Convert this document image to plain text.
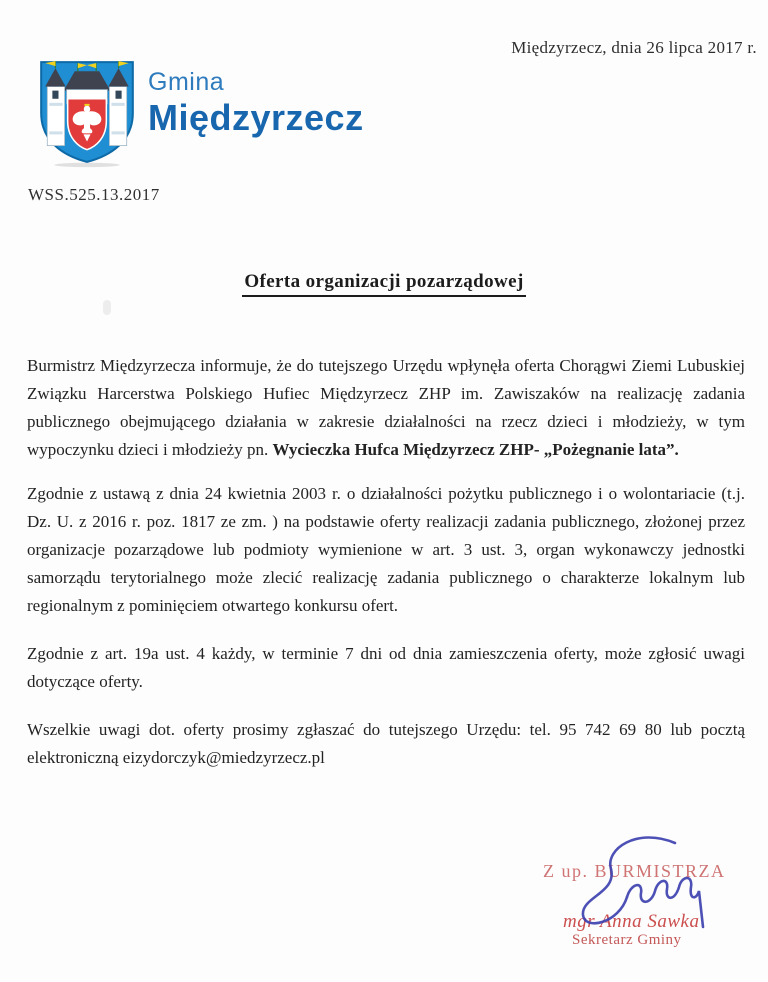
Międzyrzecz, dnia 26 lipca 2017 r.
Gmina
Międzyrzecz
WSS.525.13.2017
Oferta organizacji pozarządowej

Burmistrz Międzyrzecza informuje, że do tutejszego Urzędu wpłynęła oferta Chorągwi Ziemi Lubuskiej Związku Harcerstwa Polskiego Hufiec Międzyrzecz ZHP im. Zawiszaków na realizację zadania publicznego obejmującego działania w zakresie działalności na rzecz dzieci i młodzieży, w tym wypoczynku dzieci i młodzieży pn. Wycieczka Hufca Międzyrzecz ZHP- „Pożegnanie lata”.

Zgodnie z ustawą z dnia 24 kwietnia 2003 r. o działalności pożytku publicznego i o wolontariacie (t.j. Dz. U. z 2016 r. poz. 1817 ze zm. ) na podstawie oferty realizacji zadania publicznego, złożonej przez organizacje pozarządowe lub podmioty wymienione w art. 3 ust. 3, organ wykonawczy jednostki samorządu terytorialnego może zlecić realizację zadania publicznego o charakterze lokalnym lub regionalnym z pominięciem otwartego konkursu ofert.

Zgodnie z art. 19a ust. 4 każdy, w terminie 7 dni od dnia zamieszczenia oferty, może zgłosić uwagi dotyczące oferty.

Wszelkie uwagi dot. oferty prosimy zgłaszać do tutejszego Urzędu: tel. 95 742 69 80 lub pocztą elektroniczną eizydorczyk@miedzyrzecz.pl

Z up. BURMISTRZA
mgr Anna Sawka
Sekretarz Gminy
